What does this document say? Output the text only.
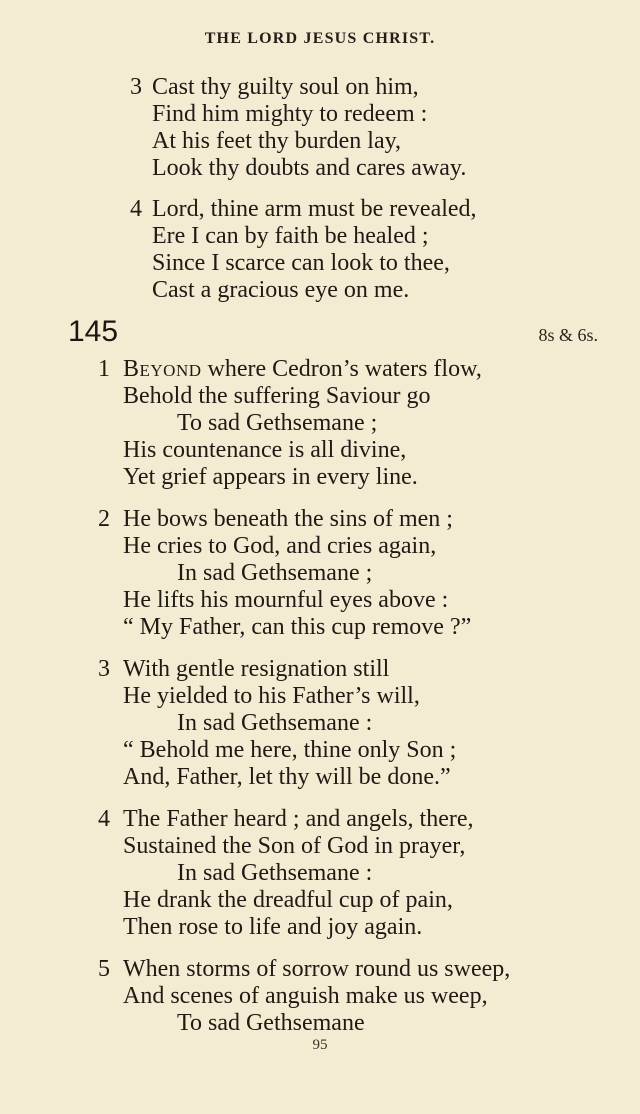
THE LORD JESUS CHRIST.
3 Cast thy guilty soul on him,
Find him mighty to redeem :
At his feet thy burden lay,
Look thy doubts and cares away.
4 Lord, thine arm must be revealed,
Ere I can by faith be healed ;
Since I scarce can look to thee,
Cast a gracious eye on me.
145	8s & 6s.
1 Beyond where Cedron’s waters flow,
Behold the suffering Saviour go
To sad Gethsemane ;
His countenance is all divine,
Yet grief appears in every line.
2 He bows beneath the sins of men ;
He cries to God, and cries again,
In sad Gethsemane ;
He lifts his mournful eyes above :
“ My Father, can this cup remove ?”
3 With gentle resignation still
He yielded to his Father’s will,
In sad Gethsemane :
“ Behold me here, thine only Son ;
And, Father, let thy will be done.”
4 The Father heard ; and angels, there,
Sustained the Son of God in prayer,
In sad Gethsemane :
He drank the dreadful cup of pain,
Then rose to life and joy again.
5 When storms of sorrow round us sweep,
And scenes of anguish make us weep,
To sad Gethsemane
95
